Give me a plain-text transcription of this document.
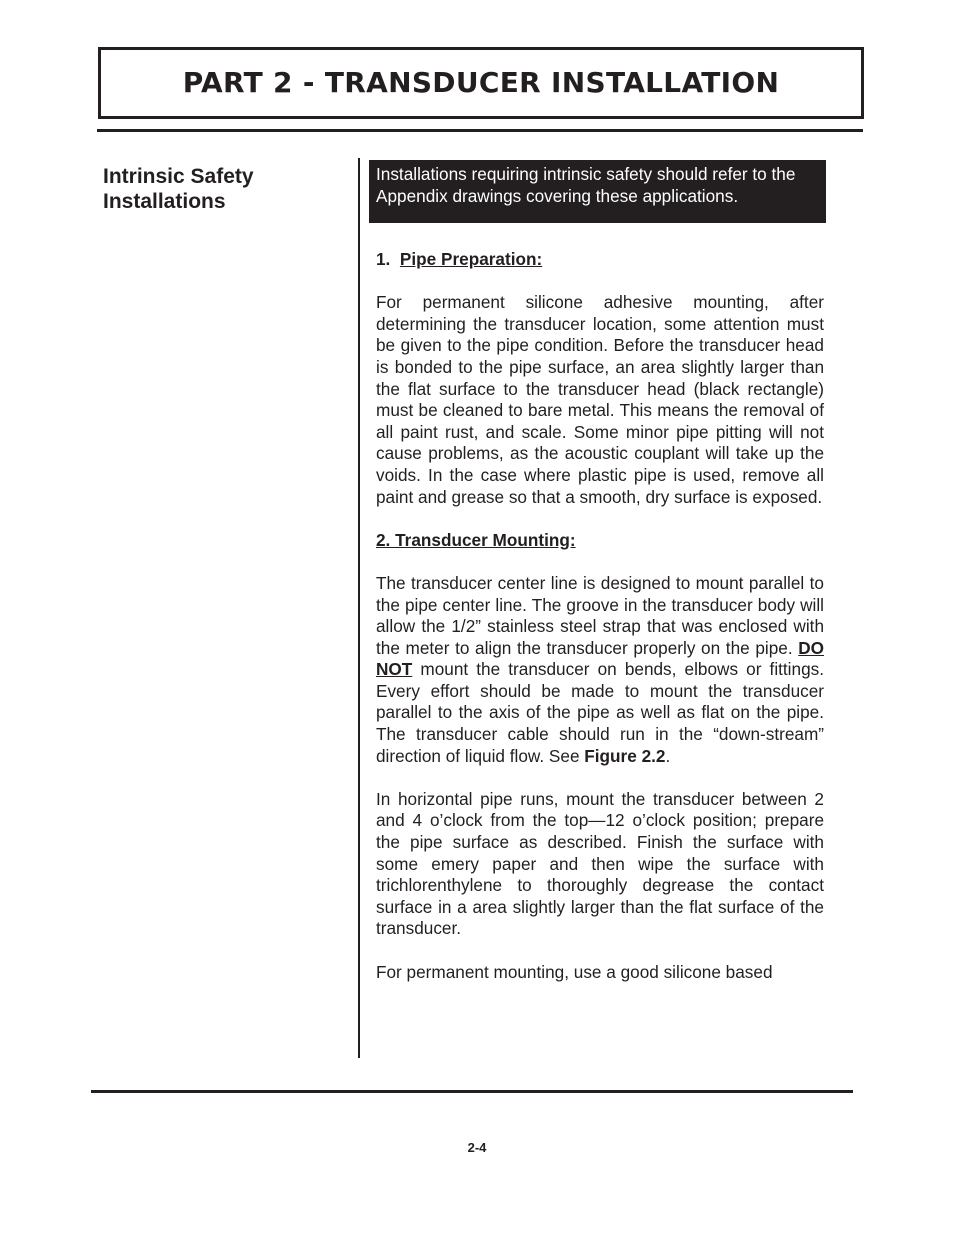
PART 2 - TRANSDUCER INSTALLATION
Intrinsic Safety
Installations
Installations requiring intrinsic safety should refer to the Appendix drawings covering these applications.
1. Pipe Preparation:

For permanent silicone adhesive mounting, after determining the transducer location, some attention must be given to the pipe condition. Before the transducer head is bonded to the pipe surface, an area slightly larger than the flat surface to the transducer head (black rectangle) must be cleaned to bare metal. This means the removal of all paint rust, and scale. Some minor pipe pitting will not cause problems, as the acoustic couplant will take up the voids. In the case where plastic pipe is used, remove all paint and grease so that a smooth, dry surface is exposed.

2. Transducer Mounting:

The transducer center line is designed to mount parallel to the pipe center line. The groove in the transducer body will allow the 1/2” stainless steel strap that was enclosed with the meter to align the transducer properly on the pipe. DO NOT mount the transducer on bends, elbows or fittings. Every effort should be made to mount the transducer parallel to the axis of the pipe as well as flat on the pipe. The transducer cable should run in the “down-stream” direction of liquid flow. See Figure 2.2.

In horizontal pipe runs, mount the transducer between 2 and 4 o’clock from the top—12 o’clock position; prepare the pipe surface as described. Finish the surface with some emery paper and then wipe the surface with trichlorenthylene to thoroughly degrease the contact surface in a area slightly larger than the flat surface of the transducer.

For permanent mounting, use a good silicone based

2-4
